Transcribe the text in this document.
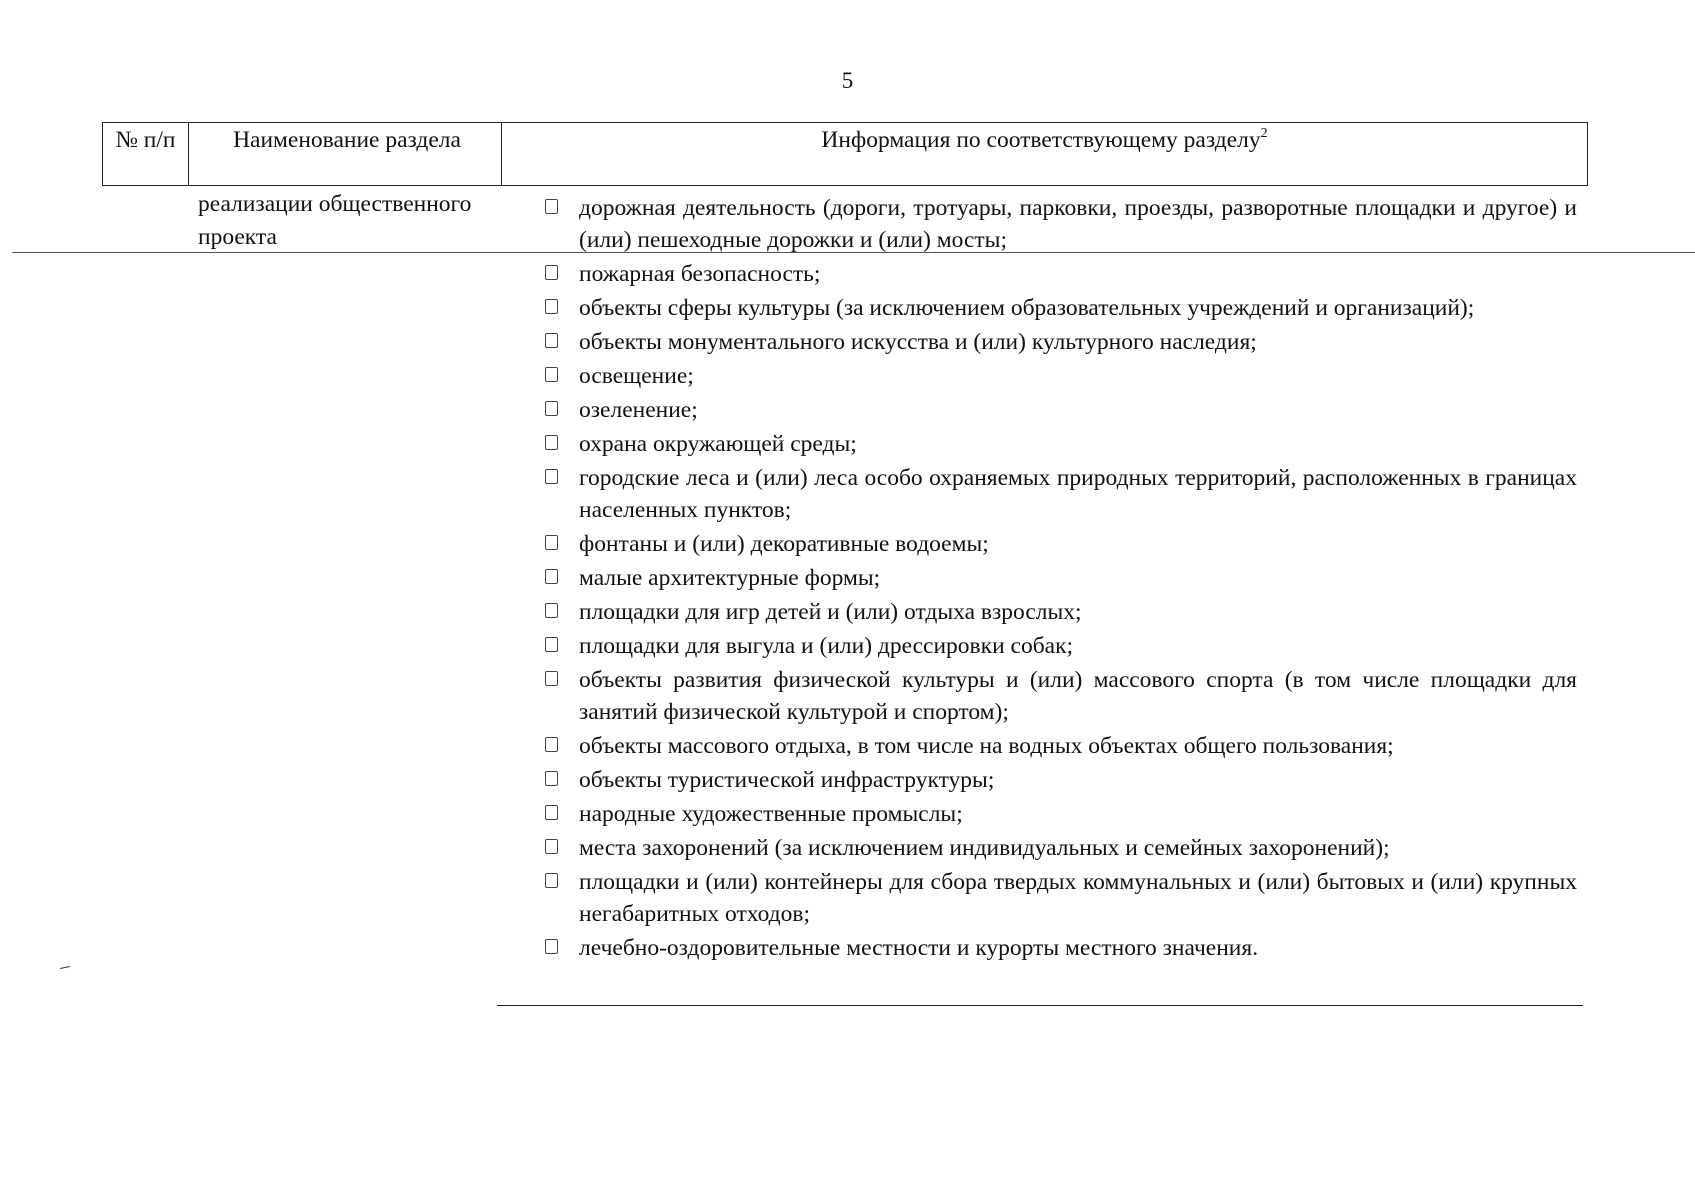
5
№ п/п	Наименование раздела	Информация по соответствующему разделу$^2$
реализации общественного проекта
дорожная деятельность (дороги, тротуары, парковки, проезды, разворотные площадки и другое) и (или) пешеходные дорожки и (или) мосты;
пожарная безопасность;
объекты сферы культуры (за исключением образовательных учреждений и организаций);
объекты монументального искусства и (или) культурного наследия;
освещение;
озеленение;
охрана окружающей среды;
городские леса и (или) леса особо охраняемых природных территорий, расположенных в границах населенных пунктов;
фонтаны и (или) декоративные водоемы;
малые архитектурные формы;
площадки для игр детей и (или) отдыха взрослых;
площадки для выгула и (или) дрессировки собак;
объекты развития физической культуры и (или) массового спорта (в том числе площадки для занятий физической культурой и спортом);
объекты массового отдыха, в том числе на водных объектах общего пользования;
объекты туристической инфраструктуры;
народные художественные промыслы;
места захоронений (за исключением индивидуальных и семейных захоронений);
площадки и (или) контейнеры для сбора твердых коммунальных и (или) бытовых и (или) крупных негабаритных отходов;
лечебно-оздоровительные местности и курорты местного значения.
